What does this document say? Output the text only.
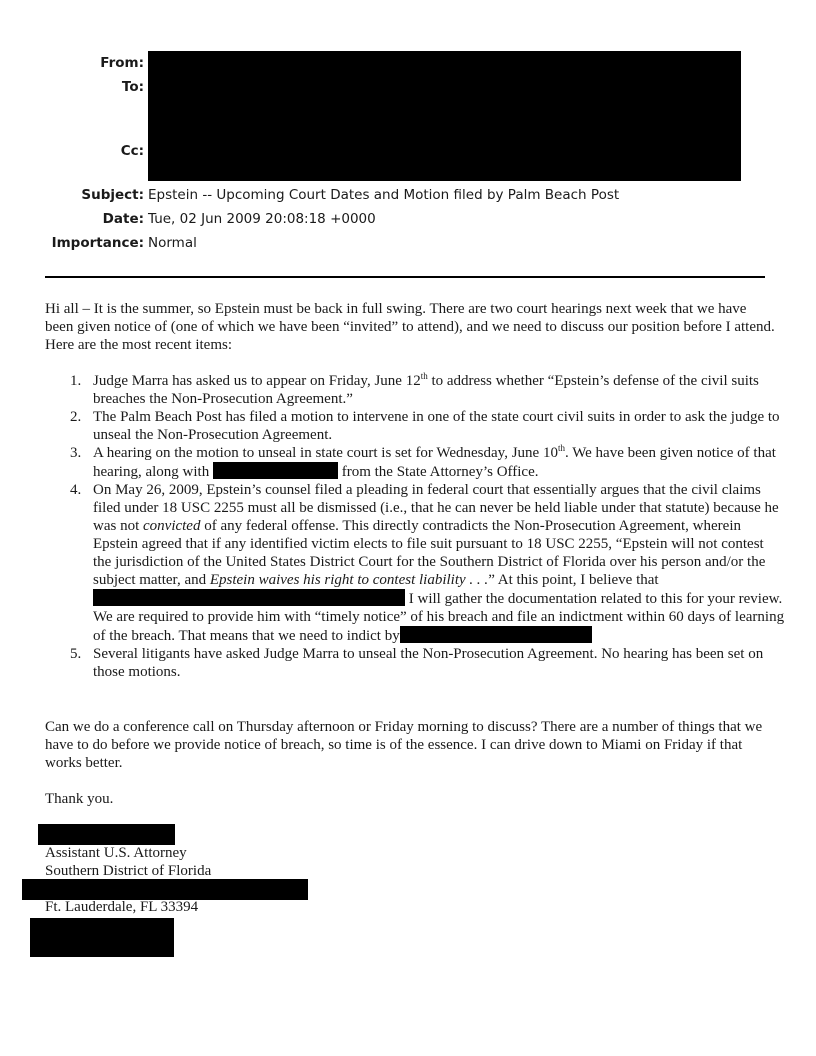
From:
To:
Cc:
Subject: Epstein -- Upcoming Court Dates and Motion filed by Palm Beach Post
Date: Tue, 02 Jun 2009 20:08:18 +0000
Importance: Normal
Hi all – It is the summer, so Epstein must be back in full swing. There are two court hearings next week that we have been given notice of (one of which we have been “invited” to attend), and we need to discuss our position before I attend. Here are the most recent items:
1. Judge Marra has asked us to appear on Friday, June 12th to address whether “Epstein’s defense of the civil suits breaches the Non-Prosecution Agreement.”
2. The Palm Beach Post has filed a motion to intervene in one of the state court civil suits in order to ask the judge to unseal the Non-Prosecution Agreement.
3. A hearing on the motion to unseal in state court is set for Wednesday, June 10th. We have been given notice of that hearing, along with	from the State Attorney’s Office.
4. On May 26, 2009, Epstein’s counsel filed a pleading in federal court that essentially argues that the civil claims filed under 18 USC 2255 must all be dismissed (i.e., that he can never be held liable under that statute) because he was not convicted of any federal offense. This directly contradicts the Non-Prosecution Agreement, wherein Epstein agreed that if any identified victim elects to file suit pursuant to 18 USC 2255, “Epstein will not contest the jurisdiction of the United States District Court for the Southern District of Florida over his person and/or the subject matter, and Epstein waives his right to contest liability . . .” At this point, I believe that  I will gather the documentation related to this for your review. We are required to provide him with “timely notice” of his breach and file an indictment within 60 days of learning of the breach. That means that we need to indict by
5. Several litigants have asked Judge Marra to unseal the Non-Prosecution Agreement. No hearing has been set on those motions.
Can we do a conference call on Thursday afternoon or Friday morning to discuss? There are a number of things that we have to do before we provide notice of breach, so time is of the essence. I can drive down to Miami on Friday if that works better.
Thank you.
Assistant U.S. Attorney
Southern District of Florida
Ft. Lauderdale, FL 33394
